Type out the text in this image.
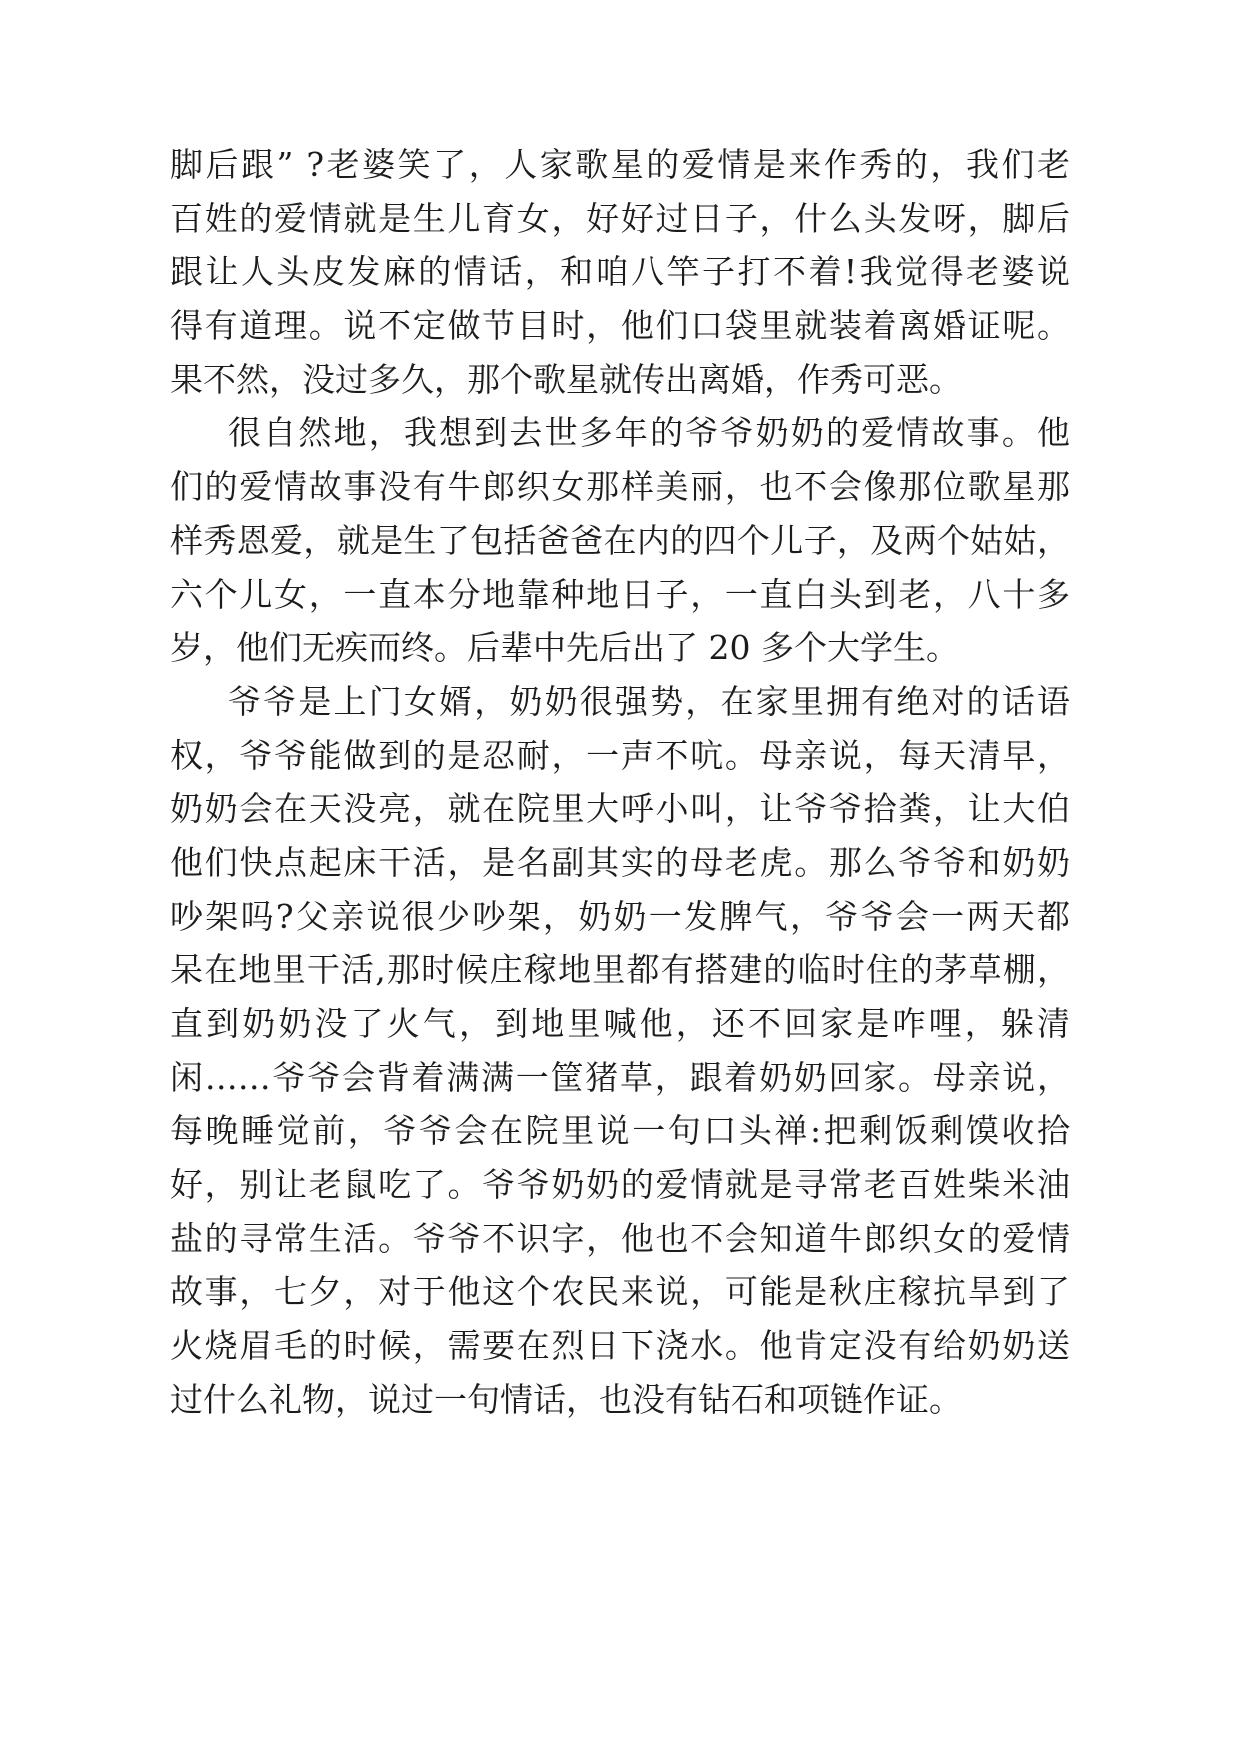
脚后跟” ?老婆笑了，人家歌星的爱情是来作秀的，我们老
百姓的爱情就是生儿育女，好好过日子，什么头发呀，脚后
跟让人头皮发麻的情话，和咱八竿子打不着!我觉得老婆说
得有道理。说不定做节目时，他们口袋里就装着离婚证呢。
果不然，没过多久，那个歌星就传出离婚，作秀可恶。
很自然地，我想到去世多年的爷爷奶奶的爱情故事。他
们的爱情故事没有牛郎织女那样美丽，也不会像那位歌星那
样秀恩爱，就是生了包括爸爸在内的四个儿子，及两个姑姑，
六个儿女，一直本分地靠种地日子，一直白头到老，八十多
岁，他们无疾而终。后辈中先后出了 20 多个大学生。
爷爷是上门女婿，奶奶很强势，在家里拥有绝对的话语
权，爷爷能做到的是忍耐，一声不吭。母亲说，每天清早，
奶奶会在天没亮，就在院里大呼小叫，让爷爷拾粪，让大伯
他们快点起床干活，是名副其实的母老虎。那么爷爷和奶奶
吵架吗?父亲说很少吵架，奶奶一发脾气，爷爷会一两天都
呆在地里干活,那时候庄稼地里都有搭建的临时住的茅草棚，
直到奶奶没了火气，到地里喊他，还不回家是咋哩，躲清
闲……爷爷会背着满满一筐猪草，跟着奶奶回家。母亲说，
每晚睡觉前，爷爷会在院里说一句口头禅:把剩饭剩馍收拾
好，别让老鼠吃了。爷爷奶奶的爱情就是寻常老百姓柴米油
盐的寻常生活。爷爷不识字，他也不会知道牛郎织女的爱情
故事，七夕，对于他这个农民来说，可能是秋庄稼抗旱到了
火烧眉毛的时候，需要在烈日下浇水。他肯定没有给奶奶送
过什么礼物，说过一句情话，也没有钻石和项链作证。
